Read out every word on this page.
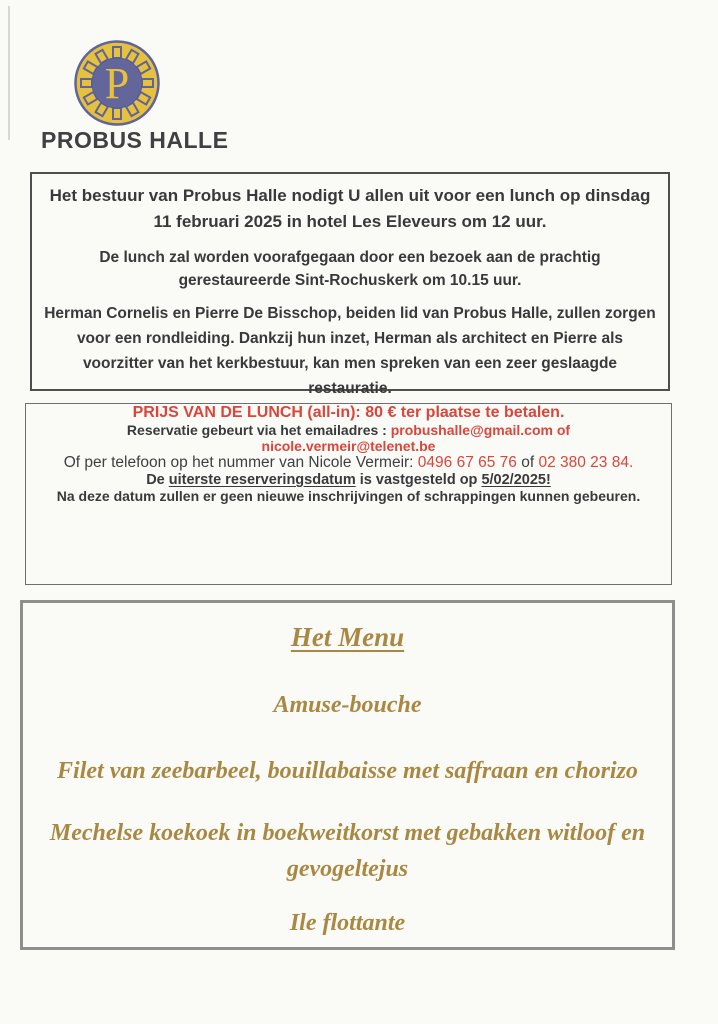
P
PROBUS HALLE

Het bestuur van Probus Halle nodigt U allen uit voor een lunch op dinsdag 11 februari 2025 in hotel Les Eleveurs om 12 uur.

De lunch zal worden voorafgegaan door een bezoek aan de prachtig gerestaureerde Sint-Rochuskerk om 10.15 uur.

Herman Cornelis en Pierre De Bisschop, beiden lid van Probus Halle, zullen zorgen voor een rondleiding. Dankzij hun inzet, Herman als architect en Pierre als voorzitter van het kerkbestuur, kan men spreken van een zeer geslaagde restauratie.

PRIJS VAN DE LUNCH (all-in): 80 € ter plaatse te betalen.
Reservatie gebeurt via het emailadres : probushalle@gmail.com of
nicole.vermeir@telenet.be
Of per telefoon op het nummer van Nicole Vermeir: 0496 67 65 76 of 02 380 23 84.
De uiterste reserveringsdatum is vastgesteld op 5/02/2025!
Na deze datum zullen er geen nieuwe inschrijvingen of schrappingen kunnen gebeuren.
Het Menu

Amuse-bouche

Filet van zeebarbeel, bouillabaisse met saffraan en chorizo

Mechelse koekoek in boekweitkorst met gebakken witloof en gevogeltejus

Ile flottante
